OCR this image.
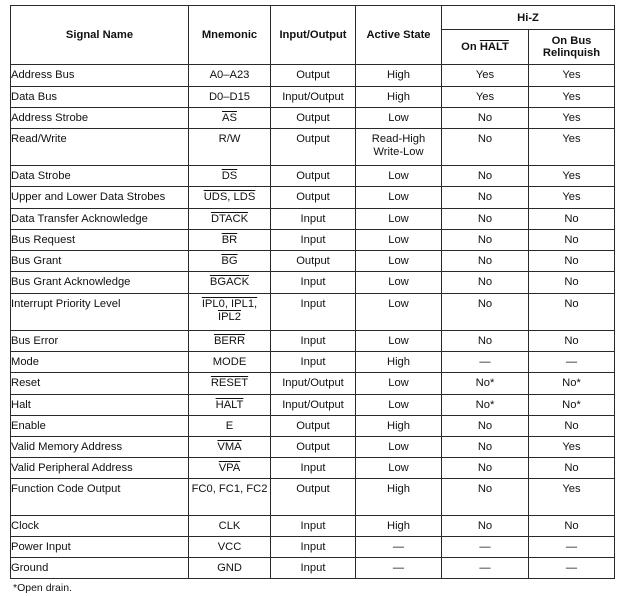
Signal Name	Mnemonic	Input/Output	Active State	Hi-Z	
				On HALT	On Bus Relinquish
Address Bus	A0–A23	Output	High	Yes	Yes
Data Bus	D0–D15	Input/Output	High	Yes	Yes
Address Strobe	$\overline{AS}$	Output	Low	No	Yes
Read/Write	R/W	Output	Read-High Write-Low	No	Yes
Data Strobe	$\overline{DS}$	Output	Low	No	Yes
Upper and Lower Data Strobes	UDS, LDS	Output	Low	No	Yes
Data Transfer Acknowledge	DTACK	Input	Low	No	No
Bus Request	$\overline{BR}$	Input	Low	No	No
Bus Grant	$\overline{BG}$	Output	Low	No	No
Bus Grant Acknowledge	BGACK	Input	Low	No	No
Interrupt Priority Level	IPL0, IPL1, IPL2	Input	Low	No	No
Bus Error	BERR	Input	Low	No	No
Mode	MODE	Input	High	—	—
Reset	RESET	Input/Output	Low	No*	No*
Halt	HALT	Input/Output	Low	No*	No*
Enable	E	Output	High	No	No
Valid Memory Address	$\overline{VMA}$	Output	Low	No	Yes
Valid Peripheral Address	$\overline{VPA}$	Input	Low	No	No
Function Code Output	FC0, FC1, FC2	Output	High	No	Yes
Clock	CLK	Input	High	No	No
Power Input	VCC	Input	—	—	—
Ground	GND	Input	—	—	—
*Open drain.
